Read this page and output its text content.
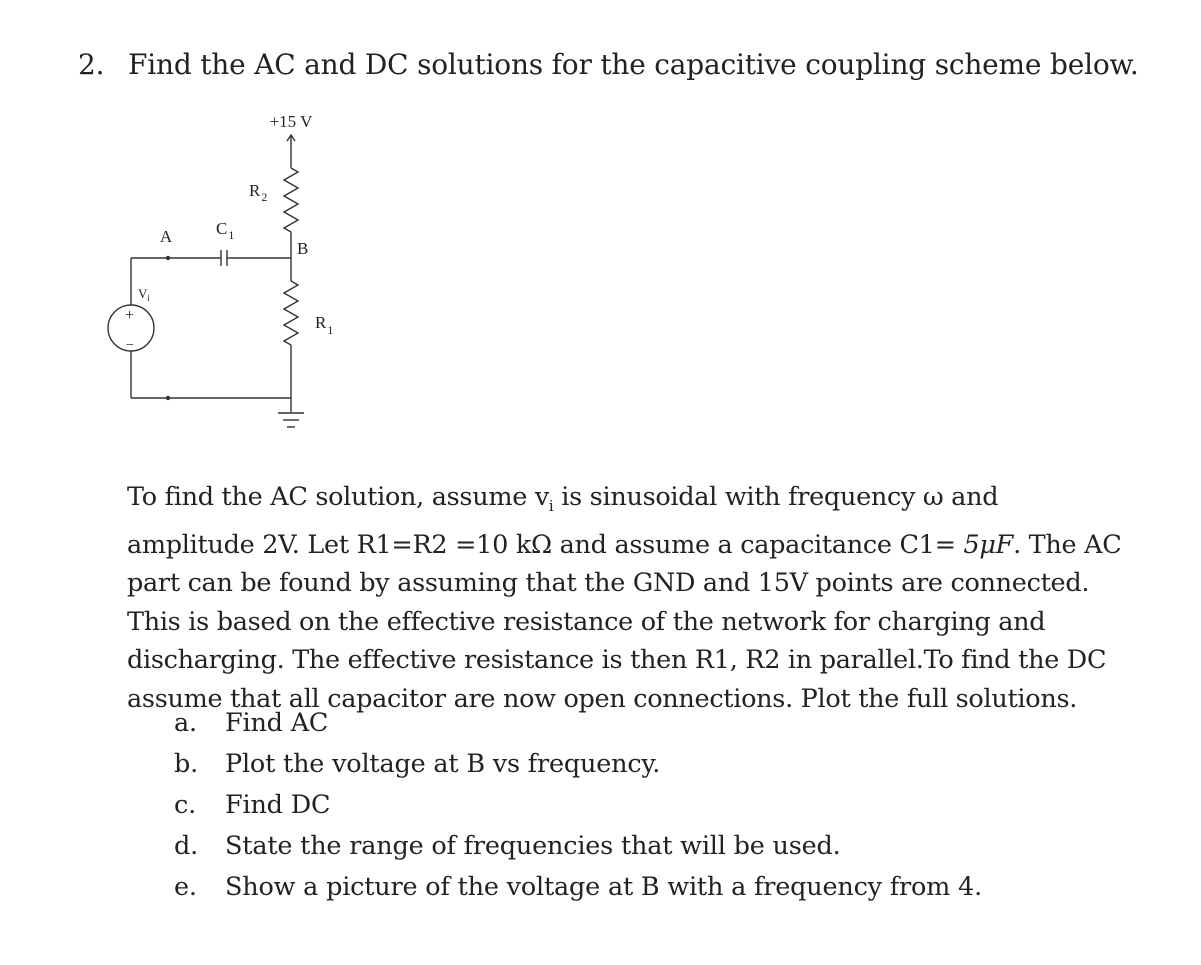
2. Find the AC and DC solutions for the capacitive coupling scheme below.
+15 V
A
B
$C_1$
$R_2$
$R_1$
$V_i$
+
−
To find the AC solution, assume $v_i$ is sinusoidal with frequency ω and
amplitude 2V. Let R1=R2 =10 kΩ and assume a capacitance C1= 5μF. The AC
part can be found by assuming that the GND and 15V points are connected.
This is based on the effective resistance of the network for charging and
discharging. The effective resistance is then R1, R2 in parallel.To find the DC
assume that all capacitor are now open connections. Plot the full solutions.
a. Find AC
b. Plot the voltage at B vs frequency.
c. Find DC
d. State the range of frequencies that will be used.
e. Show a picture of the voltage at B with a frequency from 4.
